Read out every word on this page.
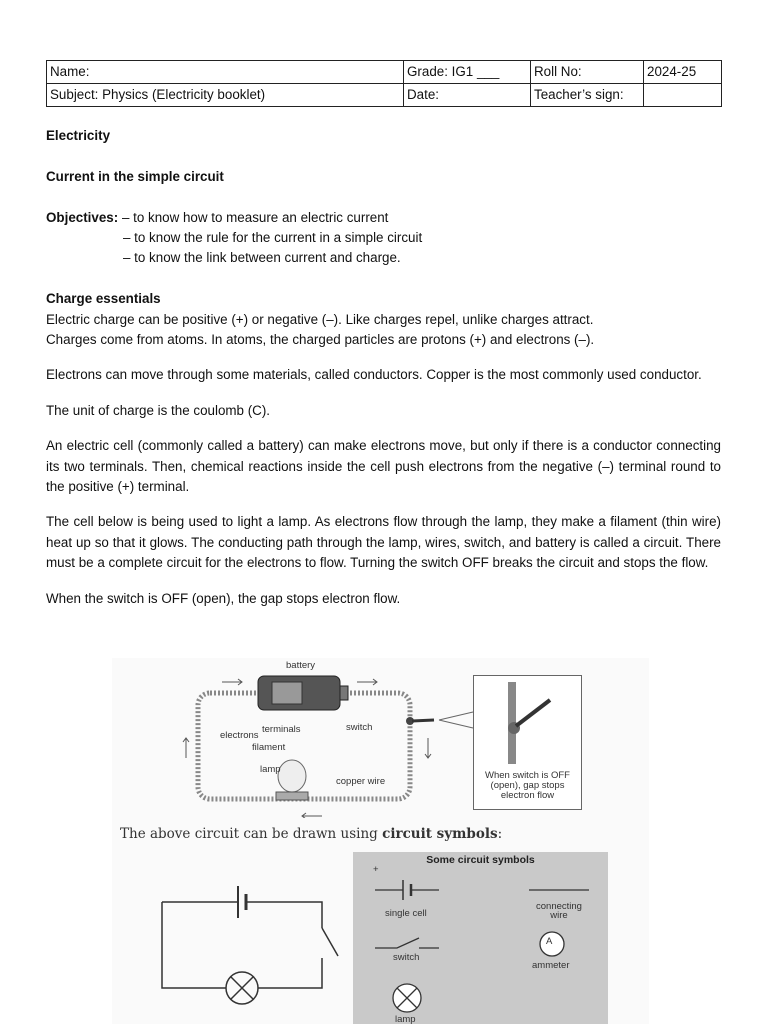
Name:	Grade: IG1 ___	Roll No:	2024-25
Subject: Physics (Electricity booklet)	Date:	Teacher’s sign:	
Electricity
Current in the simple circuit
Objectives:
– to know how to measure an electric current
– to know the rule for the current in a simple circuit
– to know the link between current and charge.
Charge essentials

Electric charge can be positive (+) or negative (–). Like charges repel, unlike charges attract.

Charges come from atoms. In atoms, the charged particles are protons (+) and electrons (–).

Electrons can move through some materials, called conductors. Copper is the most commonly used conductor.

The unit of charge is the coulomb (C).

An electric cell (commonly called a battery) can make electrons move, but only if there is a conductor connecting its two terminals. Then, chemical reactions inside the cell push electrons from the negative (–) terminal round to the positive (+) terminal.

The cell below is being used to light a lamp. As electrons flow through the lamp, they make a filament (thin wire) heat up so that it glows. The conducting path through the lamp, wires, switch, and battery is called a circuit. There must be a complete circuit for the electrons to flow. Turning the switch OFF breaks the circuit and stops the flow.

When the switch is OFF (open), the gap stops electron flow.

battery
terminals	switch
electrons
filament
lamp
copper wire
When switch is OFF
(open), gap stops
electron flow
The above circuit can be drawn using circuit symbols:
Some circuit symbols
+
single cell
connecting
wire
switch
A
ammeter
lamp
